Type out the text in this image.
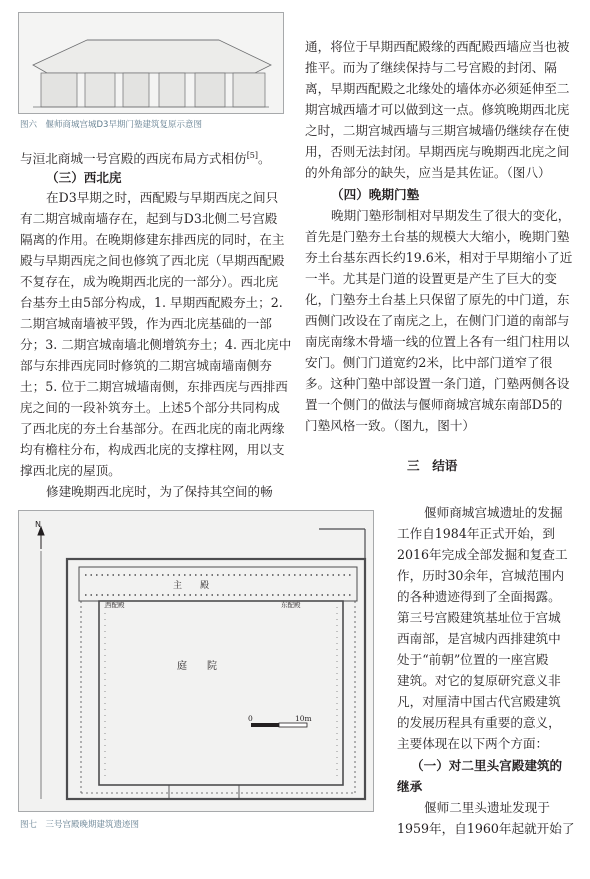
图六　偃师商城宫城D3早期门塾建筑复原示意图
N
主　　殿
西配殿	东配殿
庭　　院
0	10m
图七　三号宫殿晚期建筑遗迹图
与洹北商城一号宫殿的西庑布局方式相仿[5]。
（三）西北庑
在D3早期之时，西配殿与早期西庑之间只
有二期宫城南墙存在，起到与D3北侧二号宫殿
隔离的作用。在晚期修建东排西庑的同时，在主
殿与早期西庑之间也修筑了西北庑（早期西配殿
不复存在，成为晚期西北庑的一部分）。西北庑
台基夯土由5部分构成，1. 早期西配殿夯土；2.
二期宫城南墙被平毁，作为西北庑基础的一部
分；3. 二期宫城南墙北侧增筑夯土；4. 西北庑中
部与东排西庑同时修筑的二期宫城南墙南侧夯
土；5. 位于二期宫城墙南侧，东排西庑与西排西
庑之间的一段补筑夯土。上述5个部分共同构成
了西北庑的夯土台基部分。在西北庑的南北两缘
均有檐柱分布，构成西北庑的支撑柱网，用以支
撑西北庑的屋顶。
修建晚期西北庑时，为了保持其空间的畅
通，将位于早期西配殿缘的西配殿西墙应当也被
推平。而为了继续保持与二号宫殿的封闭、隔
离，早期西配殿之北缘处的墙体亦必须延伸至二
期宫城西墙才可以做到这一点。修筑晚期西北庑
之时，二期宫城西墙与三期宫城墙仍继续存在使
用，否则无法封闭。早期西庑与晚期西北庑之间
的外角部分的缺失，应当是其佐证。（图八）
（四）晚期门塾
晚期门塾形制相对早期发生了很大的变化，
首先是门塾夯土台基的规模大大缩小，晚期门塾
夯土台基东西长约19.6米，相对于早期缩小了近
一半。尤其是门道的设置更是产生了巨大的变
化，门塾夯土台基上只保留了原先的中门道，东
西侧门改设在了南庑之上，在侧门门道的南部与
南庑南缘木骨墙一线的位置上各有一组门柱用以
安门。侧门门道宽约2米，比中部门道窄了很
多。这种门塾中部设置一条门道，门塾两侧各设
置一个侧门的做法与偃师商城宫城东南部D5的
门塾风格一致。（图九，图十）
三　结语
偃师商城宫城遗址的发掘
工作自1984年正式开始，到
2016年完成全部发掘和复查工
作，历时30余年，宫城范围内
的各种遗迹得到了全面揭露。
第三号宫殿建筑基址位于宫城
西南部，是宫城内西排建筑中
处于“前朝”位置的一座宫殿
建筑。对它的复原研究意义非
凡，对厘清中国古代宫殿建筑
的发展历程具有重要的意义，
主要体现在以下两个方面：
（一）对二里头宫殿建筑的
继承
偃师二里头遗址发现于
1959年，自1960年起就开始了
